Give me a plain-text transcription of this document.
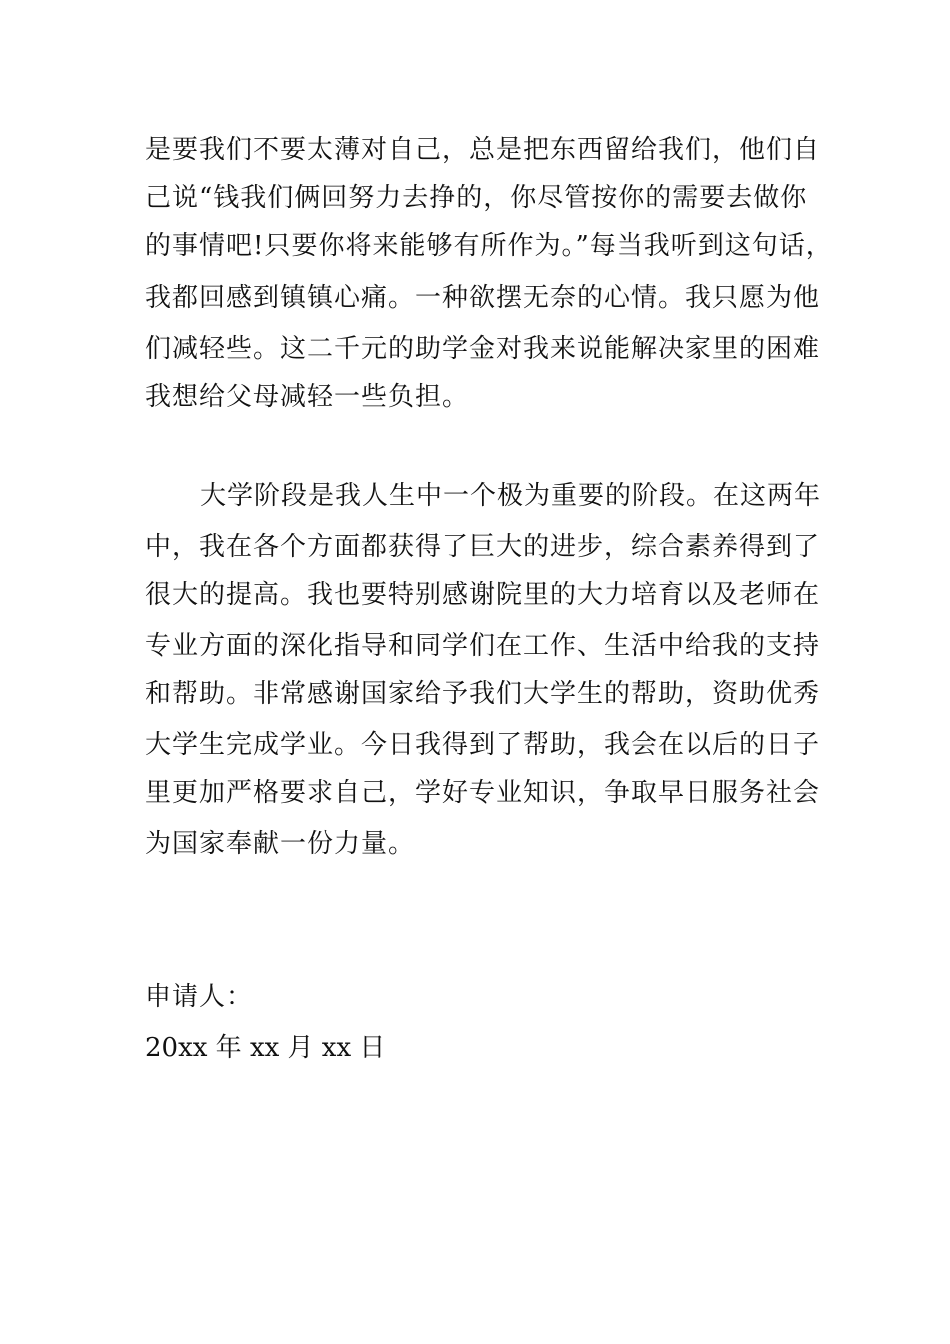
是要我们不要太薄对自己，总是把东西留给我们，他们自
己说“钱我们俩回努力去挣的，你尽管按你的需要去做你
的事情吧!只要你将来能够有所作为。”每当我听到这句话，
我都回感到镇镇心痛。一种欲摆无奈的心情。我只愿为他
们减轻些。这二千元的助学金对我来说能解决家里的困难
我想给父母减轻一些负担。
大学阶段是我人生中一个极为重要的阶段。在这两年
中，我在各个方面都获得了巨大的进步，综合素养得到了
很大的提高。我也要特别感谢院里的大力培育以及老师在
专业方面的深化指导和同学们在工作、生活中给我的支持
和帮助。非常感谢国家给予我们大学生的帮助，资助优秀
大学生完成学业。今日我得到了帮助，我会在以后的日子
里更加严格要求自己，学好专业知识，争取早日服务社会
为国家奉献一份力量。
申请人：
20xx 年 xx 月 xx 日
